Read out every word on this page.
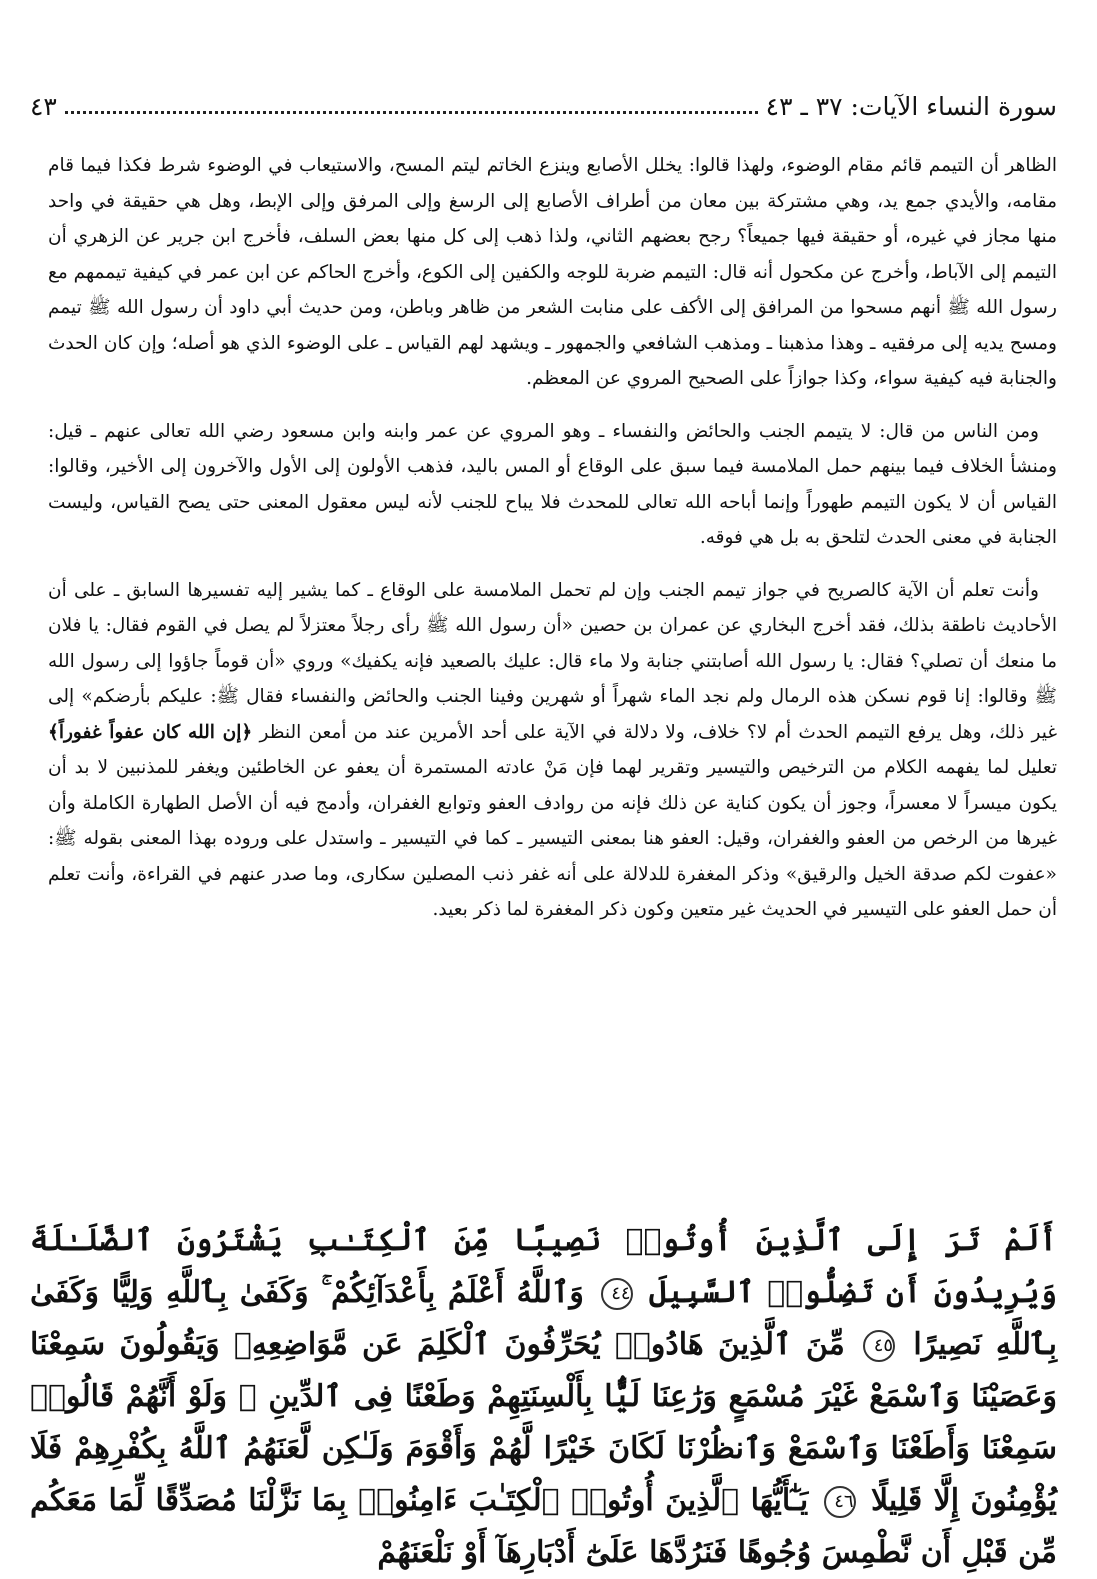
سورة النساء الآيات: ٣٧ ـ ٤٣
٤٣

الظاهر أن التيمم قائم مقام الوضوء، ولهذا قالوا: يخلل الأصابع وينزع الخاتم ليتم المسح، والاستيعاب في الوضوء شرط فكذا فيما قام مقامه، والأيدي جمع يد، وهي مشتركة بين معان من أطراف الأصابع إلى الرسغ وإلى المرفق وإلى الإبط، وهل هي حقيقة في واحد منها مجاز في غيره، أو حقيقة فيها جميعاً؟ رجح بعضهم الثاني، ولذا ذهب إلى كل منها بعض السلف، فأخرج ابن جرير عن الزهري أن التيمم إلى الآباط، وأخرج عن مكحول أنه قال: التيمم ضربة للوجه والكفين إلى الكوع، وأخرج الحاكم عن ابن عمر في كيفية تيممهم مع رسول الله ﷺ أنهم مسحوا من المرافق إلى الأكف على منابت الشعر من ظاهر وباطن، ومن حديث أبي داود أن رسول الله ﷺ تيمم ومسح يديه إلى مرفقيه ـ وهذا مذهبنا ـ ومذهب الشافعي والجمهور ـ ويشهد لهم القياس ـ على الوضوء الذي هو أصله؛ وإن كان الحدث والجنابة فيه كيفية سواء، وكذا جوازاً على الصحيح المروي عن المعظم.

ومن الناس من قال: لا يتيمم الجنب والحائض والنفساء ـ وهو المروي عن عمر وابنه وابن مسعود رضي الله تعالى عنهم ـ قيل: ومنشأ الخلاف فيما بينهم حمل الملامسة فيما سبق على الوقاع أو المس باليد، فذهب الأولون إلى الأول والآخرون إلى الأخير، وقالوا: القياس أن لا يكون التيمم طهوراً وإنما أباحه الله تعالى للمحدث فلا يباح للجنب لأنه ليس معقول المعنى حتى يصح القياس، وليست الجنابة في معنى الحدث لتلحق به بل هي فوقه.

وأنت تعلم أن الآية كالصريح في جواز تيمم الجنب وإن لم تحمل الملامسة على الوقاع ـ كما يشير إليه تفسيرها السابق ـ على أن الأحاديث ناطقة بذلك، فقد أخرج البخاري عن عمران بن حصين «أن رسول الله ﷺ رأى رجلاً معتزلاً لم يصل في القوم فقال: يا فلان ما منعك أن تصلي؟ فقال: يا رسول الله أصابتني جنابة ولا ماء قال: عليك بالصعيد فإنه يكفيك» وروي «أن قوماً جاؤوا إلى رسول الله ﷺ وقالوا: إنا قوم نسكن هذه الرمال ولم نجد الماء شهراً أو شهرين وفينا الجنب والحائض والنفساء فقال ﷺ: عليكم بأرضكم» إلى غير ذلك، وهل يرفع التيمم الحدث أم لا؟ خلاف، ولا دلالة في الآية على أحد الأمرين عند من أمعن النظر ﴿إن الله كان عفواً غفوراً﴾ تعليل لما يفهمه الكلام من الترخيص والتيسير وتقرير لهما فإن مَنْ عادته المستمرة أن يعفو عن الخاطئين ويغفر للمذنبين لا بد أن يكون ميسراً لا معسراً، وجوز أن يكون كناية عن ذلك فإنه من روادف العفو وتوابع الغفران، وأدمج فيه أن الأصل الطهارة الكاملة وأن غيرها من الرخص من العفو والغفران، وقيل: العفو هنا بمعنى التيسير ـ كما في التيسير ـ واستدل على وروده بهذا المعنى بقوله ﷺ: «عفوت لكم صدقة الخيل والرقيق» وذكر المغفرة للدلالة على أنه غفر ذنب المصلين سكارى، وما صدر عنهم في القراءة، وأنت تعلم أن حمل العفو على التيسير في الحديث غير متعين وكون ذكر المغفرة لما ذكر بعيد.

أَلَمْ تَرَ إِلَى ٱلَّذِينَ أُوتُوا۟ نَصِيبًا مِّنَ ٱلْكِتَـٰبِ يَشْتَرُونَ ٱلضَّلَـٰلَةَ وَيُرِيدُونَ أَن تَضِلُّوا۟ ٱلسَّبِيلَ ٤٤ وَٱللَّهُ أَعْلَمُ بِأَعْدَآئِكُمْ ۚ وَكَفَىٰ بِٱللَّهِ وَلِيًّا وَكَفَىٰ بِٱللَّهِ نَصِيرًا ٤٥ مِّنَ ٱلَّذِينَ هَادُوا۟ يُحَرِّفُونَ ٱلْكَلِمَ عَن مَّوَاضِعِهِۦ وَيَقُولُونَ سَمِعْنَا وَعَصَيْنَا وَٱسْمَعْ غَيْرَ مُسْمَعٍ وَرَٰعِنَا لَيًّۢا بِأَلْسِنَتِهِمْ وَطَعْنًا فِى ٱلدِّينِ ۚ وَلَوْ أَنَّهُمْ قَالُوا۟ سَمِعْنَا وَأَطَعْنَا وَٱسْمَعْ وَٱنظُرْنَا لَكَانَ خَيْرًا لَّهُمْ وَأَقْوَمَ وَلَـٰكِن لَّعَنَهُمُ ٱللَّهُ بِكُفْرِهِمْ فَلَا يُؤْمِنُونَ إِلَّا قَلِيلًا ٤٦ يَـٰٓأَيُّهَا ٱلَّذِينَ أُوتُوا۟ ٱلْكِتَـٰبَ ءَامِنُوا۟ بِمَا نَزَّلْنَا مُصَدِّقًا لِّمَا مَعَكُم مِّن قَبْلِ أَن نَّطْمِسَ وُجُوهًا فَنَرُدَّهَا عَلَىٰٓ أَدْبَارِهَآ أَوْ نَلْعَنَهُمْ
